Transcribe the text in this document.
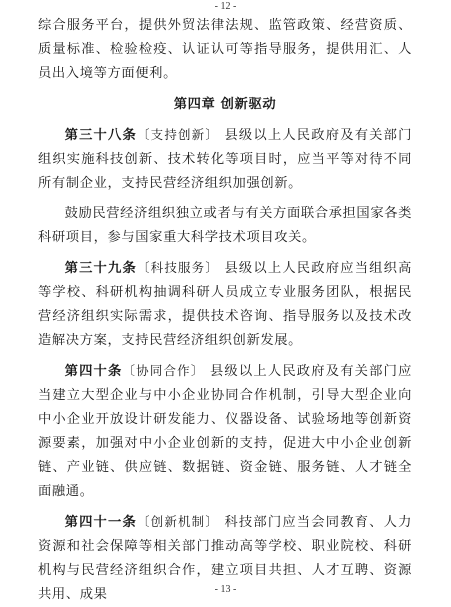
- 12 -

综合服务平台，提供外贸法律法规、监管政策、经营资质、质量标准、检验检疫、认证认可等指导服务，提供用汇、人员出入境等方面便利。

第四章 创新驱动

第三十八条〔支持创新〕 县级以上人民政府及有关部门组织实施科技创新、技术转化等项目时，应当平等对待不同所有制企业，支持民营经济组织加强创新。

鼓励民营经济组织独立或者与有关方面联合承担国家各类科研项目，参与国家重大科学技术项目攻关。

第三十九条〔科技服务〕 县级以上人民政府应当组织高等学校、科研机构抽调科研人员成立专业服务团队，根据民营经济组织实际需求，提供技术咨询、指导服务以及技术改造解决方案，支持民营经济组织创新发展。

第四十条〔协同合作〕 县级以上人民政府及有关部门应当建立大型企业与中小企业协同合作机制，引导大型企业向中小企业开放设计研发能力、仪器设备、试验场地等创新资源要素，加强对中小企业创新的支持，促进大中小企业创新链、产业链、供应链、数据链、资金链、服务链、人才链全面融通。

第四十一条〔创新机制〕 科技部门应当会同教育、人力资源和社会保障等相关部门推动高等学校、职业院校、科研机构与民营经济组织合作，建立项目共担、人才互聘、资源共用、成果	- 13 -
